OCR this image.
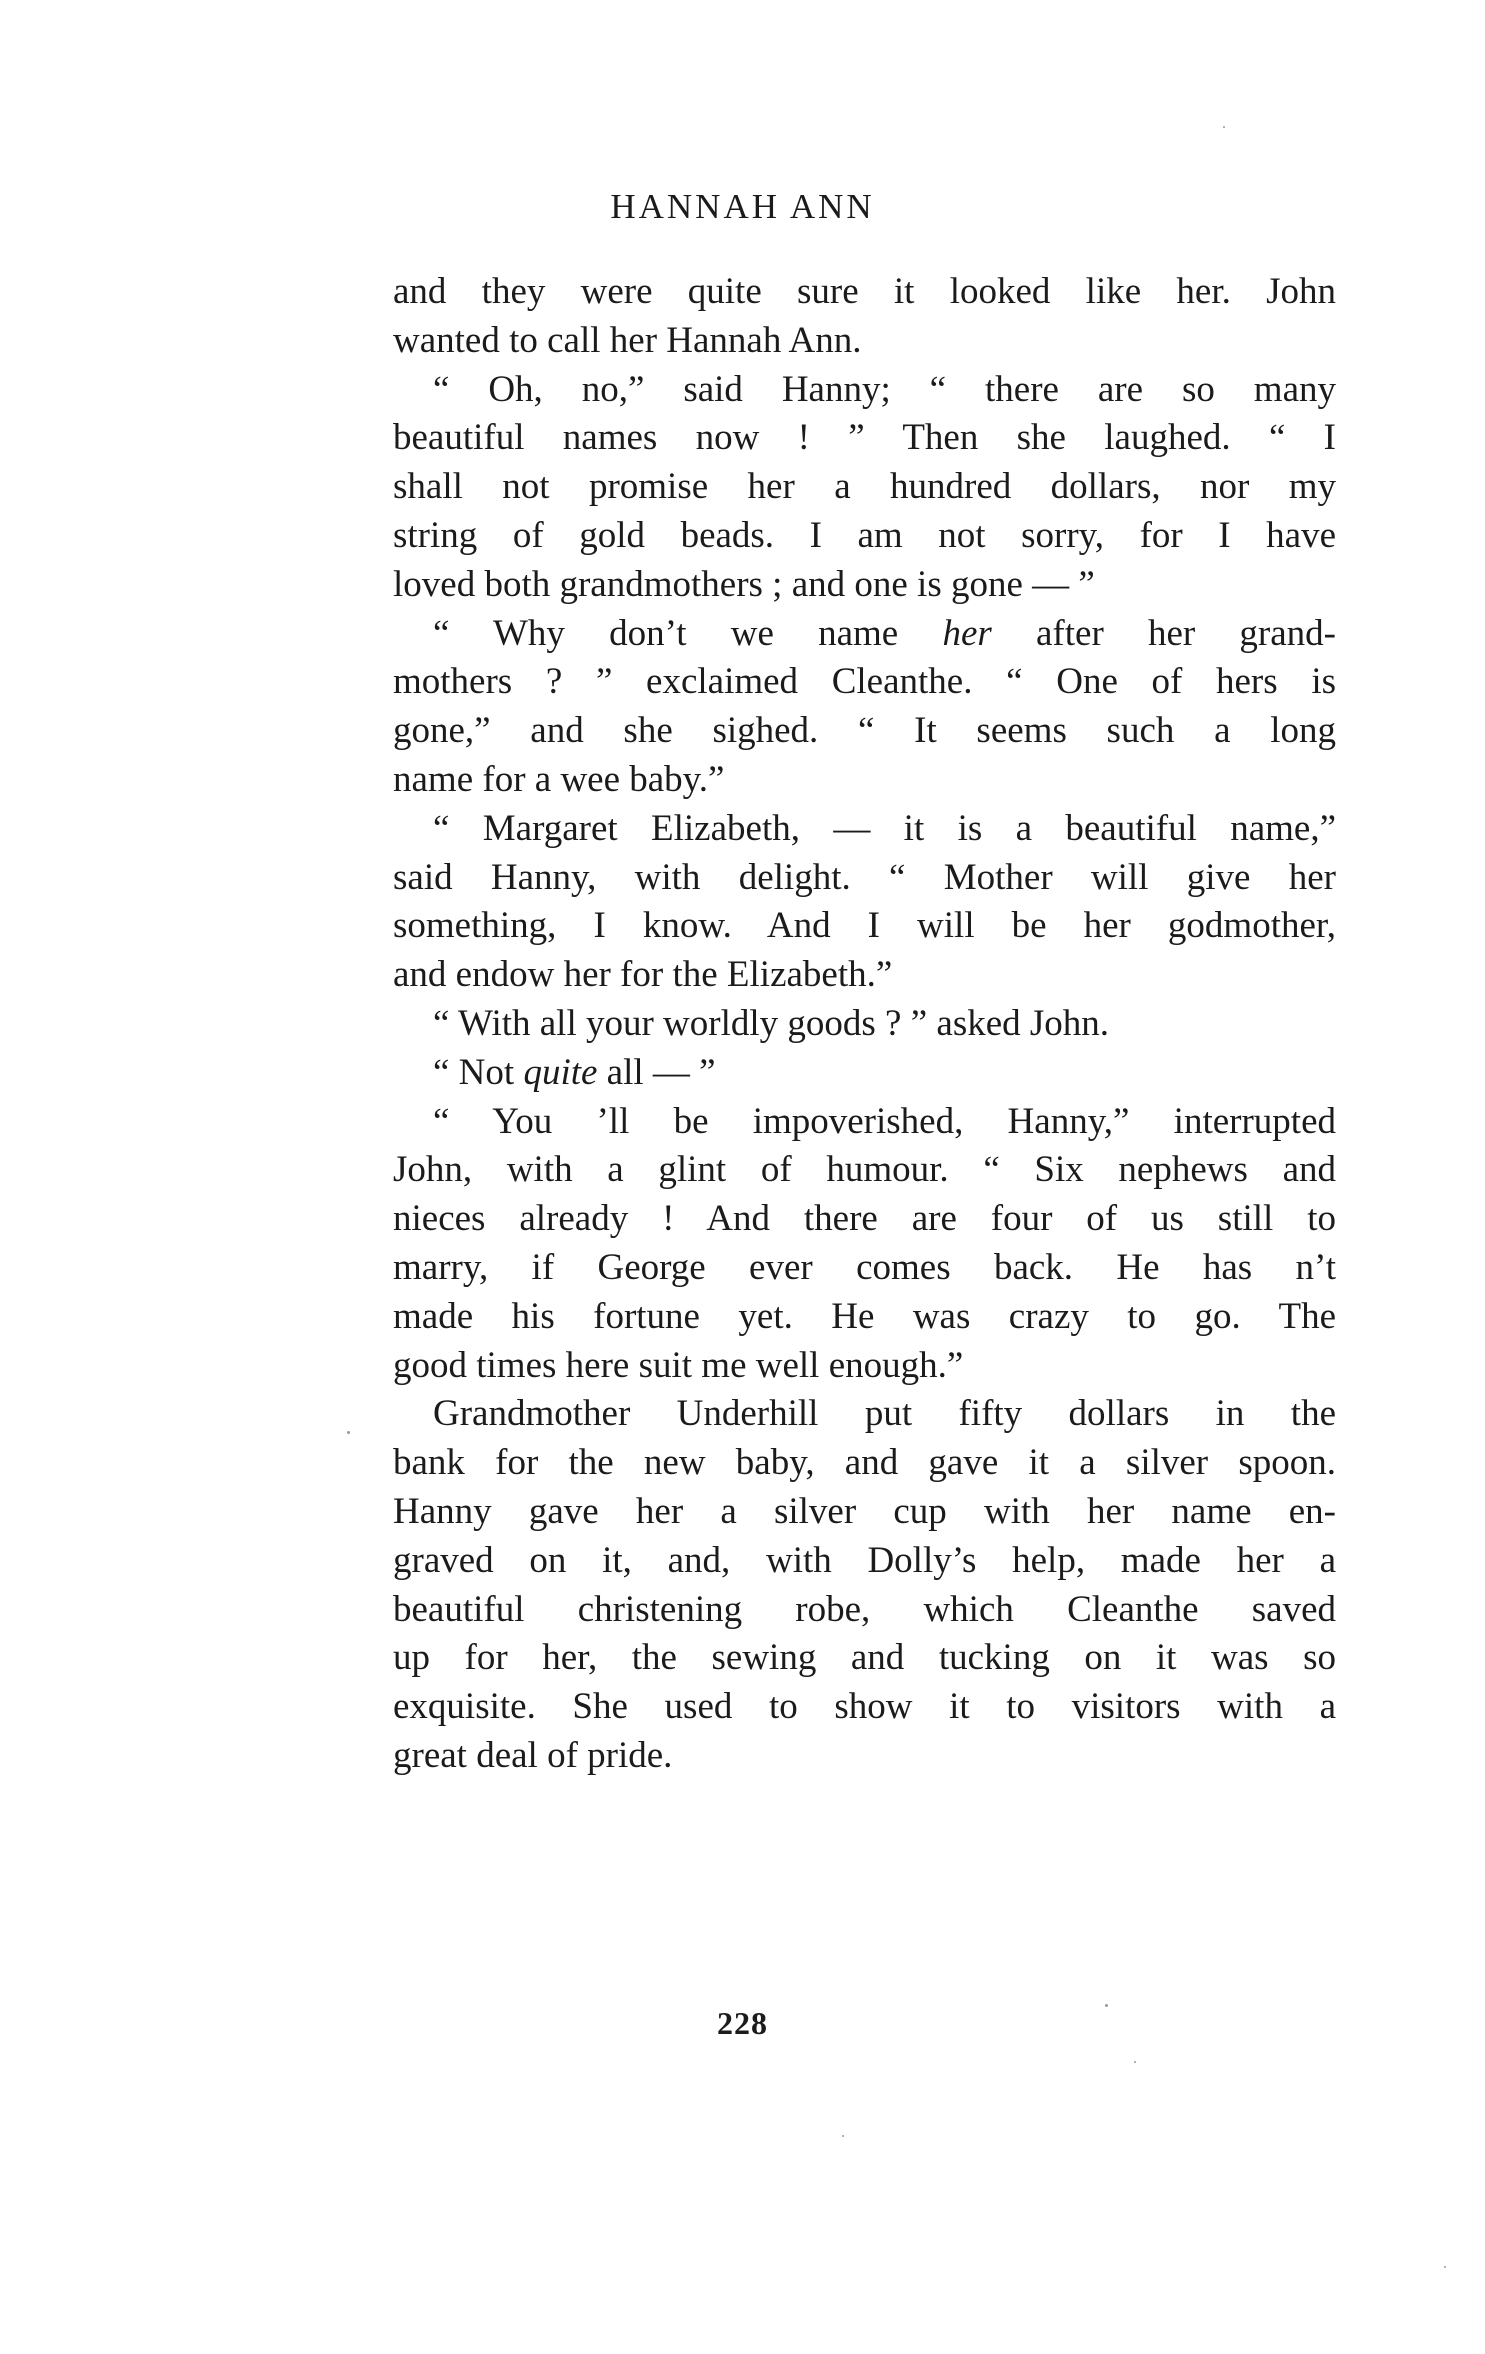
HANNAH ANN
and they were quite sure it looked like her. John
wanted to call her Hannah Ann.
“ Oh, no,” said Hanny; “ there are so many
beautiful names now ! ” Then she laughed. “ I
shall not promise her a hundred dollars, nor my
string of gold beads. I am not sorry, for I have
loved both grandmothers ; and one is gone — ”
“ Why don’t we name her after her grand-
mothers ? ” exclaimed Cleanthe. “ One of hers is
gone,” and she sighed. “ It seems such a long
name for a wee baby.”
“ Margaret Elizabeth, — it is a beautiful name,”
said Hanny, with delight. “ Mother will give her
something, I know. And I will be her godmother,
and endow her for the Elizabeth.”
“ With all your worldly goods ? ” asked John.
“ Not quite all — ”
“ You ’ll be impoverished, Hanny,” interrupted
John, with a glint of humour. “ Six nephews and
nieces already ! And there are four of us still to
marry, if George ever comes back. He has n’t
made his fortune yet. He was crazy to go. The
good times here suit me well enough.”
Grandmother Underhill put fifty dollars in the
bank for the new baby, and gave it a silver spoon.
Hanny gave her a silver cup with her name en-
graved on it, and, with Dolly’s help, made her a
beautiful christening robe, which Cleanthe saved
up for her, the sewing and tucking on it was so
exquisite. She used to show it to visitors with a
great deal of pride.
228
